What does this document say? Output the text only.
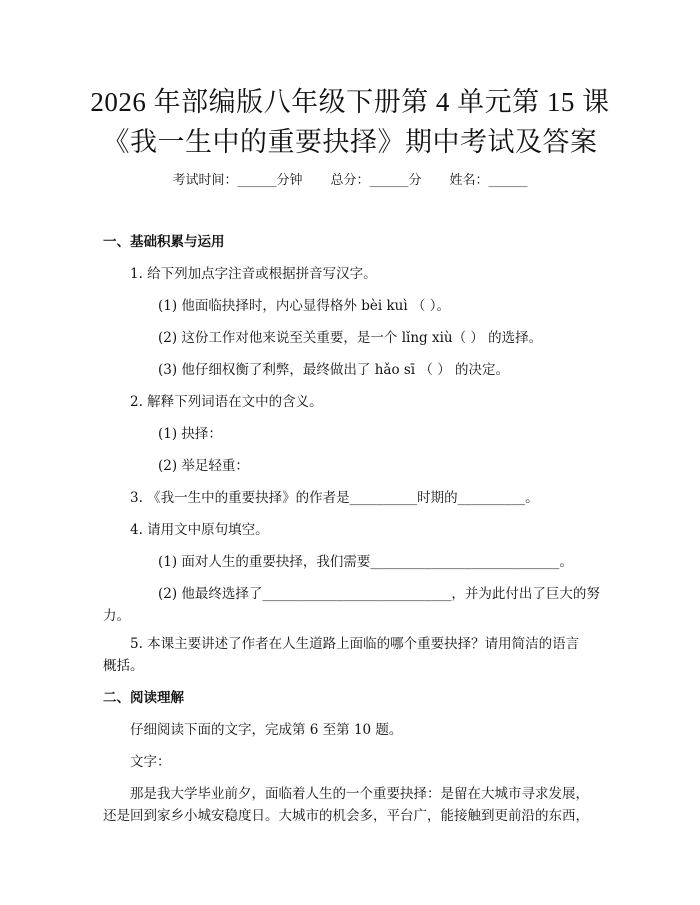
2026 年部编版八年级下册第 4 单元第 15 课
《我一生中的重要抉择》期中考试及答案
考试时间：______分钟 总分：______分 姓名：______
一、基础积累与运用
1. 给下列加点字注音或根据拼音写汉字。
(1) 他面临抉择时，内心显得格外 bèi kuì （ ）。
(2) 这份工作对他来说至关重要，是一个 lǐng xiù（ ） 的选择。
(3) 他仔细权衡了利弊，最终做出了 hǎo sī （ ） 的决定。
2. 解释下列词语在文中的含义。
(1) 抉择：
(2) 举足轻重：
3. 《我一生中的重要抉择》的作者是__________时期的__________。
4. 请用文中原句填空。
(1) 面对人生的重要抉择，我们需要____________________________。
(2) 他最终选择了____________________________，并为此付出了巨大的努
力。
5. 本课主要讲述了作者在人生道路上面临的哪个重要抉择？请用简洁的语言
概括。
二、阅读理解
仔细阅读下面的文字，完成第 6 至第 10 题。
文字：
那是我大学毕业前夕，面临着人生的一个重要抉择：是留在大城市寻求发展，
还是回到家乡小城安稳度日。大城市的机会多，平台广，能接触到更前沿的东西，
